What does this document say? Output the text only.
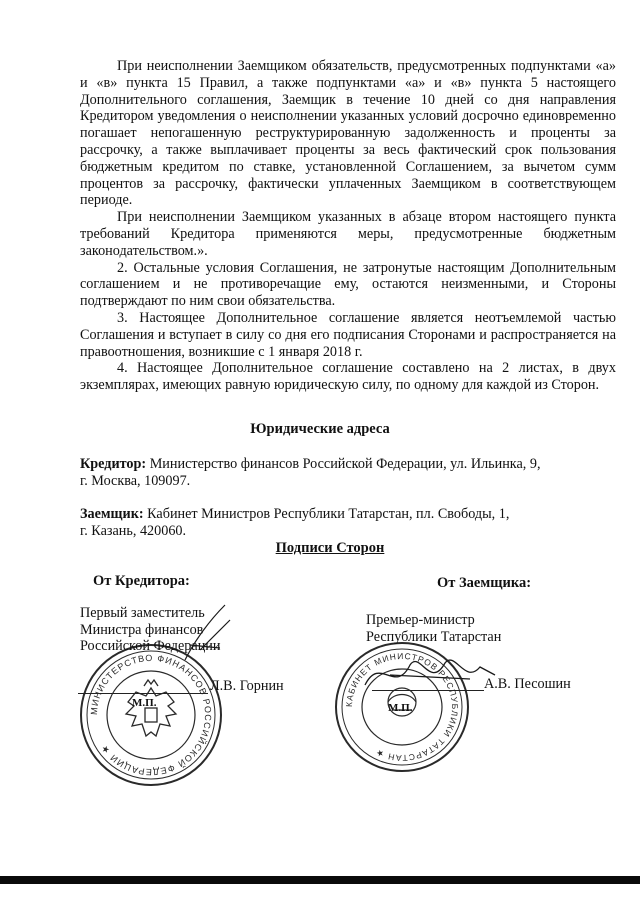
При неисполнении Заемщиком обязательств, предусмотренных подпунктами «а» и «в» пункта 15 Правил, а также подпунктами «а» и «в» пункта 5 настоящего Дополнительного соглашения, Заемщик в течение 10 дней со дня направления Кредитором уведомления о неисполнении указанных условий досрочно единовременно погашает непогашенную реструктурированную задолженность и проценты за рассрочку, а также выплачивает проценты за весь фактический срок пользования бюджетным кредитом по ставке, установленной Соглашением, за вычетом сумм процентов за рассрочку, фактически уплаченных Заемщиком в соответствующем периоде.

При неисполнении Заемщиком указанных в абзаце втором настоящего пункта требований Кредитора применяются меры, предусмотренные бюджетным законодательством.».

2. Остальные условия Соглашения, не затронутые настоящим Дополнительным соглашением и не противоречащие ему, остаются неизменными, и Стороны подтверждают по ним свои обязательства.

3. Настоящее Дополнительное соглашение является неотъемлемой частью Соглашения и вступает в силу со дня его подписания Сторонами и распространяется на правоотношения, возникшие с 1 января 2018 г.

4. Настоящее Дополнительное соглашение составлено на 2 листах, в двух экземплярах, имеющих равную юридическую силу, по одному для каждой из Сторон.

Юридические адреса
Кредитор: Министерство финансов Российской Федерации, ул. Ильинка, 9,
г. Москва, 109097.
Заемщик: Кабинет Министров Республики Татарстан, пл. Свободы, 1,
г. Казань, 420060.
Подписи Сторон
От Кредитора:	От Заемщика:
МИНИСТЕРСТВО ФИНАНСОВ РОССИЙСКОЙ ФЕДЕРАЦИИ ★
Первый заместитель
Министра финансов
Российской Федерации
Л.В. Горнин
М.П.	КАБИНЕТ МИНИСТРОВ РЕСПУБЛИКИ ТАТАРСТАН ★
Премьер-министр
Республики Татарстан
А.В. Песошин
М.П.
